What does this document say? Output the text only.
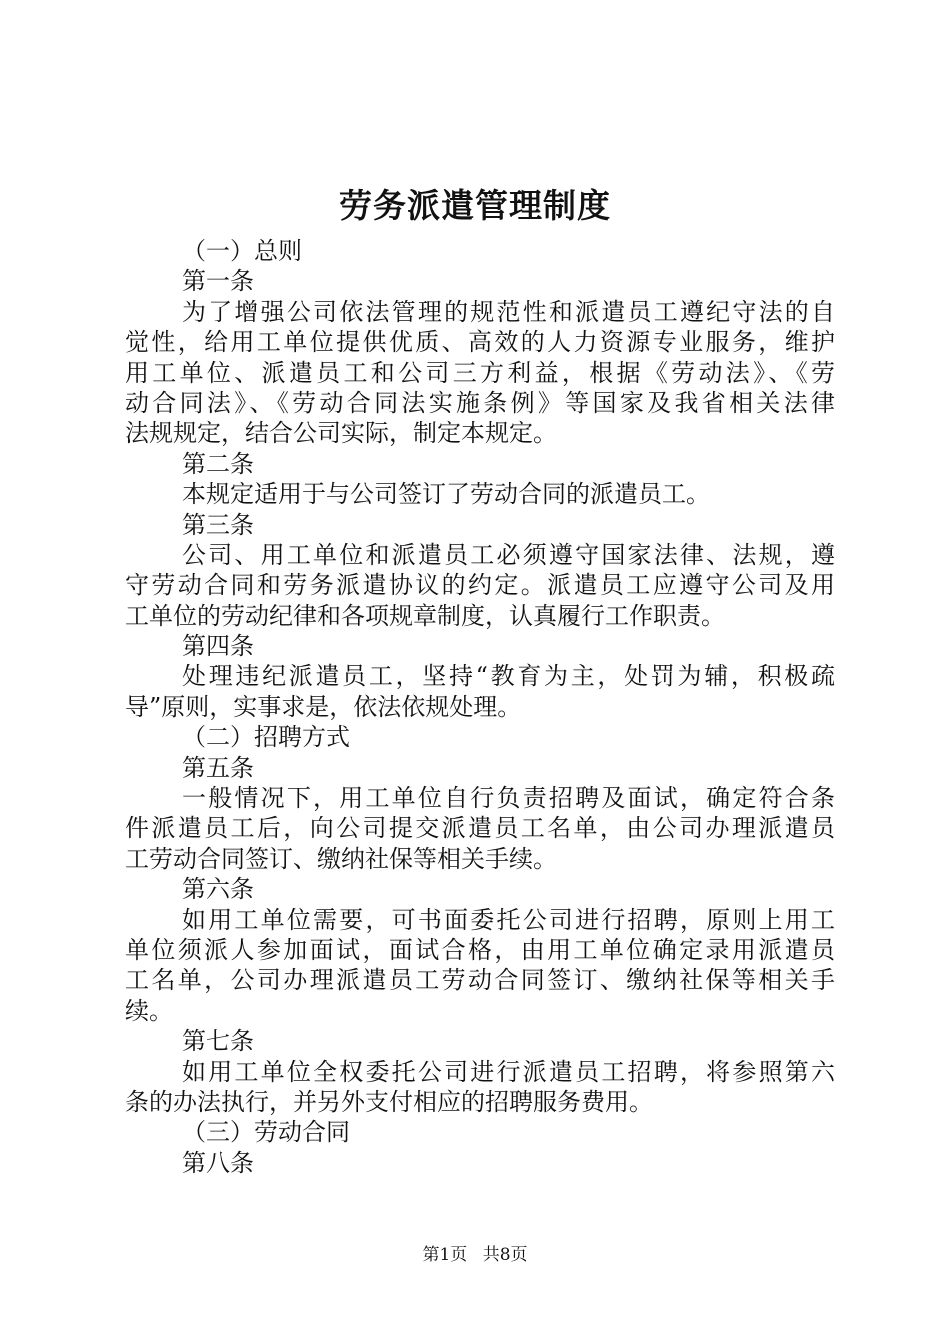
劳务派遣管理制度
（一）总则
第一条
为了增强公司依法管理的规范性和派遣员工遵纪守法的自
觉性，给用工单位提供优质、高效的人力资源专业服务，维护
用工单位、派遣员工和公司三方利益，根据《劳动法》、《劳
动合同法》、《劳动合同法实施条例》等国家及我省相关法律
法规规定，结合公司实际，制定本规定。
第二条
本规定适用于与公司签订了劳动合同的派遣员工。
第三条
公司、用工单位和派遣员工必须遵守国家法律、法规，遵
守劳动合同和劳务派遣协议的约定。派遣员工应遵守公司及用
工单位的劳动纪律和各项规章制度，认真履行工作职责。
第四条
处理违纪派遣员工，坚持“教育为主，处罚为辅，积极疏
导”原则，实事求是，依法依规处理。
（二）招聘方式
第五条
一般情况下，用工单位自行负责招聘及面试，确定符合条
件派遣员工后，向公司提交派遣员工名单，由公司办理派遣员
工劳动合同签订、缴纳社保等相关手续。
第六条
如用工单位需要，可书面委托公司进行招聘，原则上用工
单位须派人参加面试，面试合格，由用工单位确定录用派遣员
工名单，公司办理派遣员工劳动合同签订、缴纳社保等相关手
续。
第七条
如用工单位全权委托公司进行派遣员工招聘，将参照第六
条的办法执行，并另外支付相应的招聘服务费用。
（三）劳动合同
第八条
第1页 共8页
